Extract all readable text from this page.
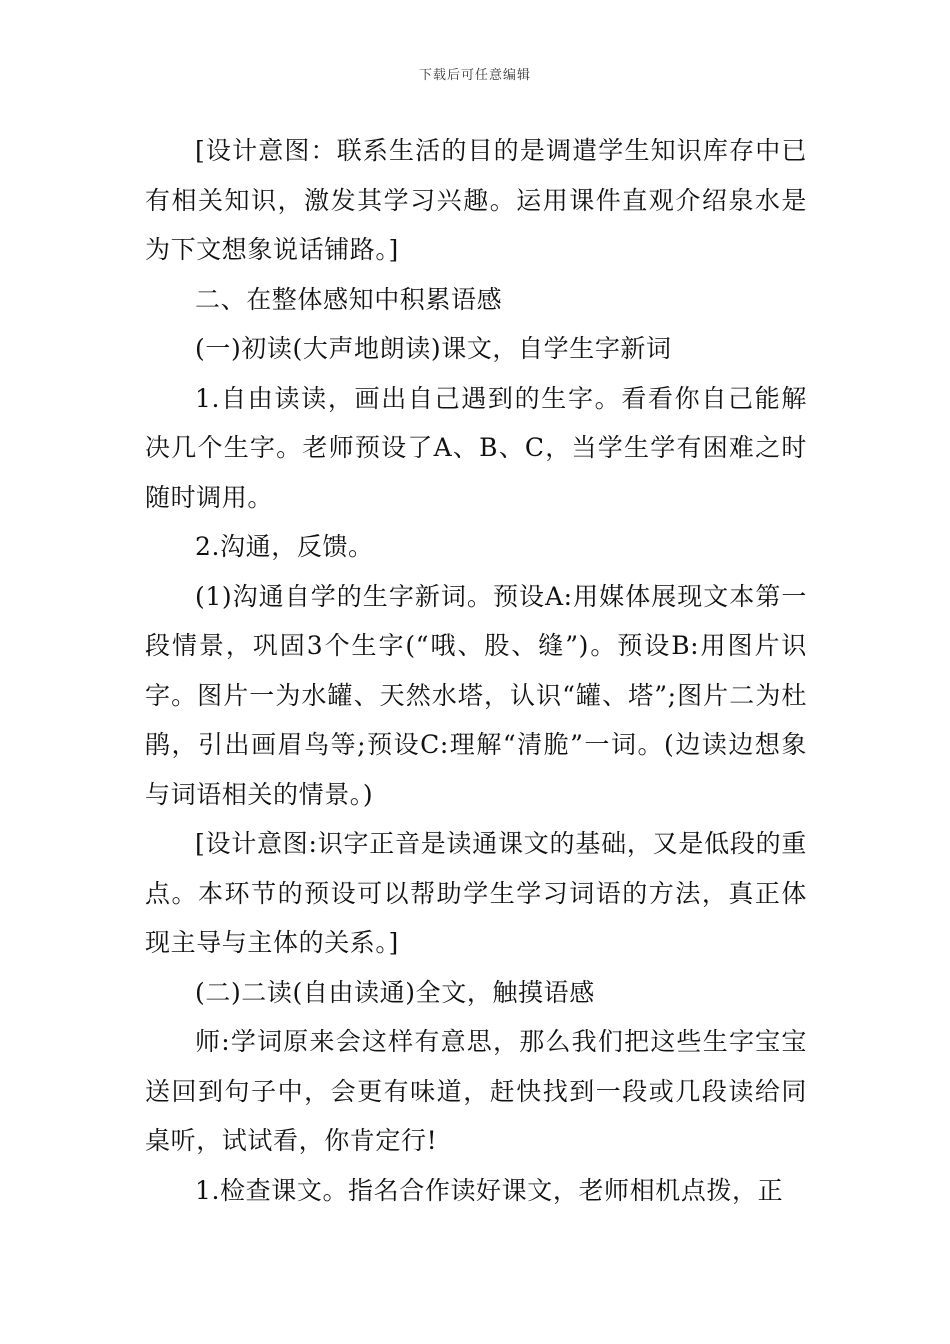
下载后可任意编辑

[设计意图：联系生活的目的是调遣学生知识库存中已有相关知识，激发其学习兴趣。运用课件直观介绍泉水是为下文想象说话铺路。]

二、在整体感知中积累语感

(一)初读(大声地朗读)课文，自学生字新词

1.自由读读，画出自己遇到的生字。看看你自己能解决几个生字。老师预设了A、B、C，当学生学有困难之时随时调用。

2.沟通，反馈。

(1)沟通自学的生字新词。预设A:用媒体展现文本第一段情景，巩固3个生字(“哦、股、缝”)。预设B:用图片识字。图片一为水罐、天然水塔，认识“罐、塔”;图片二为杜鹃，引出画眉鸟等;预设C:理解“清脆”一词。(边读边想象与词语相关的情景。)

[设计意图:识字正音是读通课文的基础，又是低段的重点。本环节的预设可以帮助学生学习词语的方法，真正体现主导与主体的关系。]

(二)二读(自由读通)全文，触摸语感

师:学词原来会这样有意思，那么我们把这些生字宝宝送回到句子中，会更有味道，赶快找到一段或几段读给同桌听，试试看，你肯定行!

1.检查课文。指名合作读好课文，老师相机点拨，正
